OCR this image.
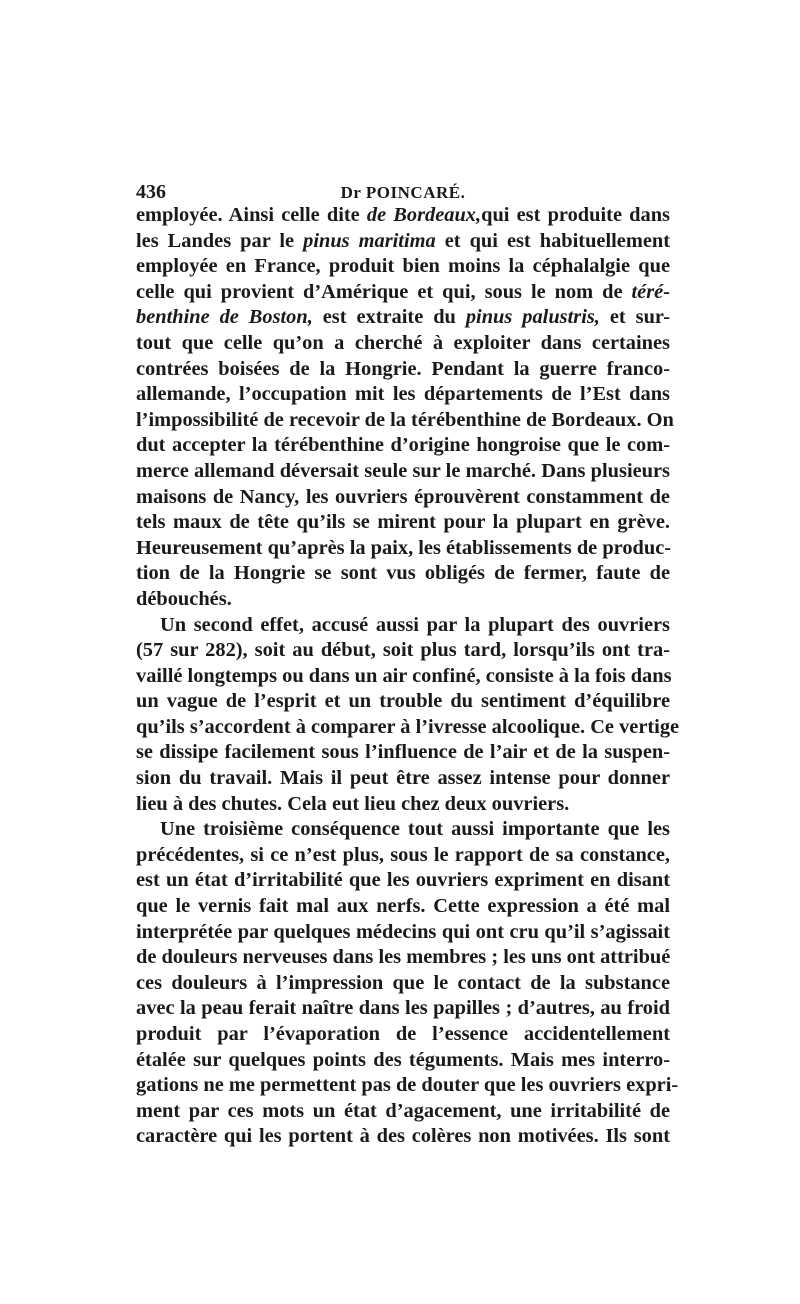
436	Dr POINCARÉ.
employée. Ainsi celle dite de Bordeaux,qui est produite dans
les Landes par le pinus maritima et qui est habituellement
employée en France, produit bien moins la céphalalgie que
celle qui provient d’Amérique et qui, sous le nom de téré-
benthine de Boston, est extraite du pinus palustris, et sur-
tout que celle qu’on a cherché à exploiter dans certaines
contrées boisées de la Hongrie. Pendant la guerre franco-
allemande, l’occupation mit les départements de l’Est dans
l’impossibilité de recevoir de la térébenthine de Bordeaux. On
dut accepter la térébenthine d’origine hongroise que le com-
merce allemand déversait seule sur le marché. Dans plusieurs
maisons de Nancy, les ouvriers éprouvèrent constamment de
tels maux de tête qu’ils se mirent pour la plupart en grève.
Heureusement qu’après la paix, les établissements de produc-
tion de la Hongrie se sont vus obligés de fermer, faute de
débouchés.
Un second effet, accusé aussi par la plupart des ouvriers
(57 sur 282), soit au début, soit plus tard, lorsqu’ils ont tra-
vaillé longtemps ou dans un air confiné, consiste à la fois dans
un vague de l’esprit et un trouble du sentiment d’équilibre
qu’ils s’accordent à comparer à l’ivresse alcoolique. Ce vertige
se dissipe facilement sous l’influence de l’air et de la suspen-
sion du travail. Mais il peut être assez intense pour donner
lieu à des chutes. Cela eut lieu chez deux ouvriers.
Une troisième conséquence tout aussi importante que les
précédentes, si ce n’est plus, sous le rapport de sa constance,
est un état d’irritabilité que les ouvriers expriment en disant
que le vernis fait mal aux nerfs. Cette expression a été mal
interprétée par quelques médecins qui ont cru qu’il s’agissait
de douleurs nerveuses dans les membres ; les uns ont attribué
ces douleurs à l’impression que le contact de la substance
avec la peau ferait naître dans les papilles ; d’autres, au froid
produit par l’évaporation de l’essence accidentellement
étalée sur quelques points des téguments. Mais mes interro-
gations ne me permettent pas de douter que les ouvriers expri-
ment par ces mots un état d’agacement, une irritabilité de
caractère qui les portent à des colères non motivées. Ils sont
